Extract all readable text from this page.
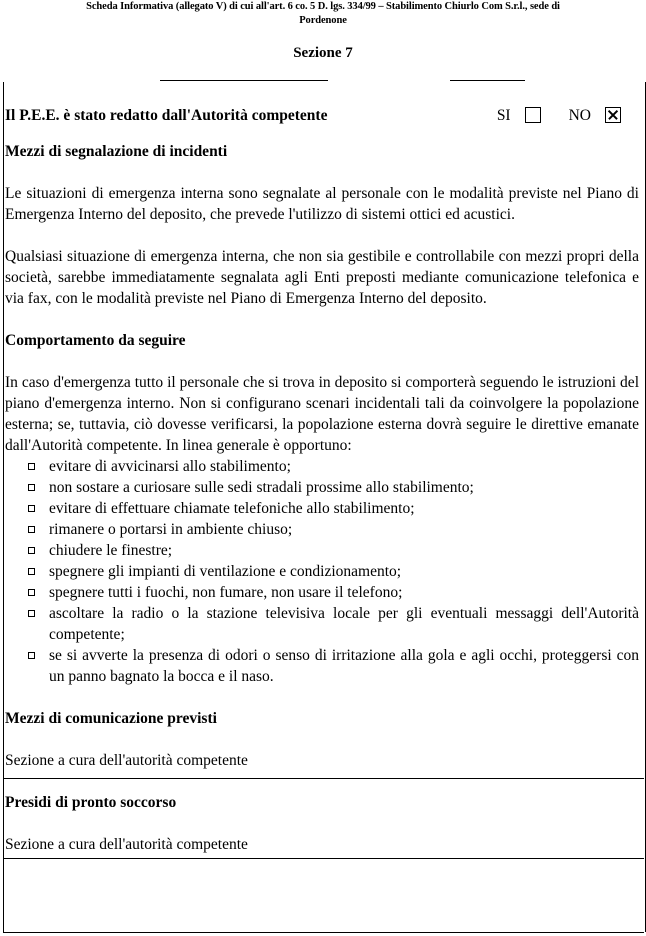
Scheda Informativa (allegato V) di cui all'art. 6 co. 5 D. lgs. 334/99 – Stabilimento Chiurlo Com S.r.l., sede di
Pordenone
Sezione 7
Il P.E.E. è stato redatto dall'Autorità competente	SI	NO
Mezzi di segnalazione di incidenti

Le situazioni di emergenza interna sono segnalate al personale con le modalità previste nel Piano di Emergenza Interno del deposito, che prevede l'utilizzo di sistemi ottici ed acustici.

Qualsiasi situazione di emergenza interna, che non sia gestibile e controllabile con mezzi propri della società, sarebbe immediatamente segnalata agli Enti preposti mediante comunicazione telefonica e via fax, con le modalità previste nel Piano di Emergenza Interno del deposito.

Comportamento da seguire

In caso d'emergenza tutto il personale che si trova in deposito si comporterà seguendo le istruzioni del piano d'emergenza interno. Non si configurano scenari incidentali tali da coinvolgere la popolazione esterna; se, tuttavia, ciò dovesse verificarsi, la popolazione esterna dovrà seguire le direttive emanate dall'Autorità competente. In linea generale è opportuno:

evitare di avvicinarsi allo stabilimento;
non sostare a curiosare sulle sedi stradali prossime allo stabilimento;
evitare di effettuare chiamate telefoniche allo stabilimento;
rimanere o portarsi in ambiente chiuso;
chiudere le finestre;
spegnere gli impianti di ventilazione e condizionamento;
spegnere tutti i fuochi, non fumare, non usare il telefono;
ascoltare la radio o la stazione televisiva locale per gli eventuali messaggi dell'Autorità competente;
se si avverte la presenza di odori o senso di irritazione alla gola e agli occhi, proteggersi con un panno bagnato la bocca e il naso.
Mezzi di comunicazione previsti
Sezione a cura dell'autorità competente
Presidi di pronto soccorso
Sezione a cura dell'autorità competente
